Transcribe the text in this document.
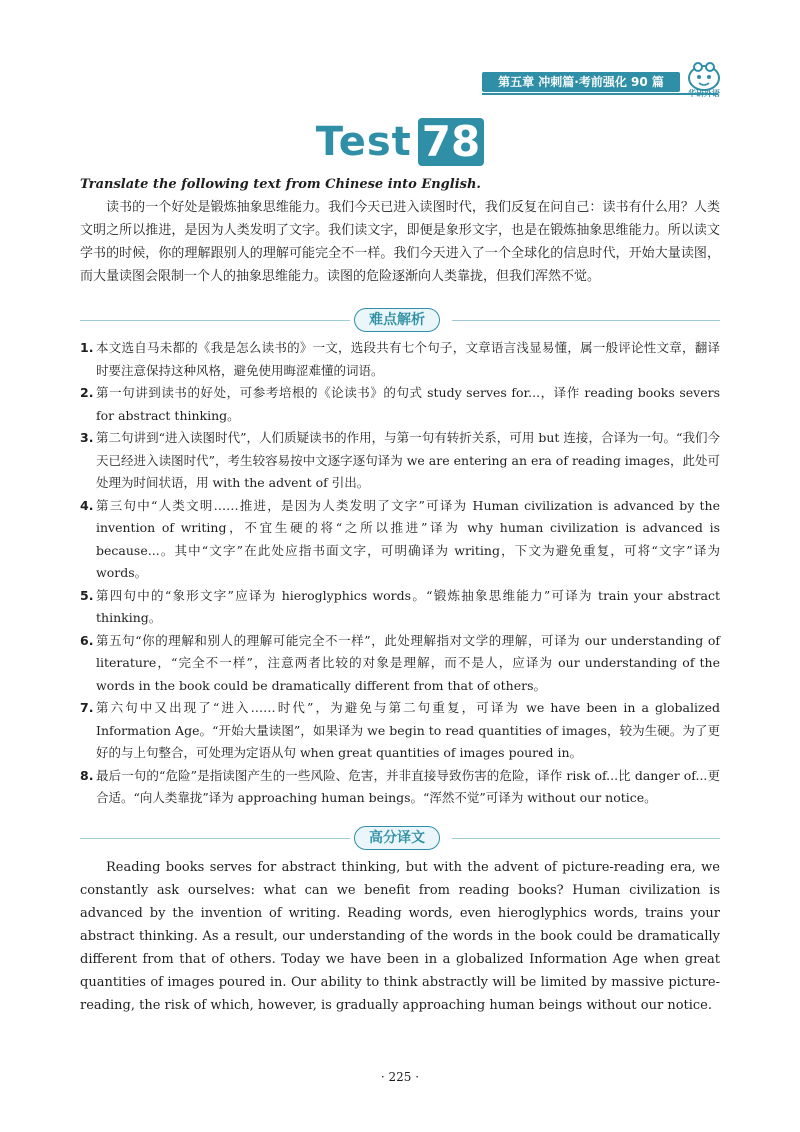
第五章 冲刺篇·考前强化 90 篇
华研外语
Test 78
Translate the following text from Chinese into English.

读书的一个好处是锻炼抽象思维能力。我们今天已进入读图时代，我们反复在问自己：读书有什么用？人类文明之所以推进，是因为人类发明了文字。我们读文字，即便是象形文字，也是在锻炼抽象思维能力。所以读文学书的时候，你的理解跟别人的理解可能完全不一样。我们今天进入了一个全球化的信息时代，开始大量读图，而大量读图会限制一个人的抽象思维能力。读图的危险逐渐向人类靠拢，但我们浑然不觉。

难点解析
1. 本文选自马未都的《我是怎么读书的》一文，选段共有七个句子，文章语言浅显易懂，属一般评论性文章，翻译时要注意保持这种风格，避免使用晦涩难懂的词语。
2. 第一句讲到读书的好处，可参考培根的《论读书》的句式 study serves for...，译作 reading books severs for abstract thinking。
3. 第二句讲到“进入读图时代”，人们质疑读书的作用，与第一句有转折关系，可用 but 连接，合译为一句。“我们今天已经进入读图时代”，考生较容易按中文逐字逐句译为 we are entering an era of reading images，此处可处理为时间状语，用 with the advent of 引出。
4. 第三句中“人类文明……推进，是因为人类发明了文字”可译为 Human civilization is advanced by the invention of writing，不宜生硬的将“之所以推进”译为 why human civilization is advanced is because...。其中“文字”在此处应指书面文字，可明确译为 writing，下文为避免重复，可将“文字”译为 words。
5. 第四句中的“象形文字”应译为 hieroglyphics words。“锻炼抽象思维能力”可译为 train your abstract thinking。
6. 第五句“你的理解和别人的理解可能完全不一样”，此处理解指对文学的理解，可译为 our understanding of literature，“完全不一样”，注意两者比较的对象是理解，而不是人，应译为 our understanding of the words in the book could be dramatically different from that of others。
7. 第六句中又出现了“进入……时代”，为避免与第二句重复，可译为 we have been in a globalized Information Age。“开始大量读图”，如果译为 we begin to read quantities of images，较为生硬。为了更好的与上句整合，可处理为定语从句 when great quantities of images poured in。
8. 最后一句的“危险”是指读图产生的一些风险、危害，并非直接导致伤害的危险，译作 risk of...比 danger of...更合适。“向人类靠拢”译为 approaching human beings。“浑然不觉”可译为 without our notice。
高分译文

Reading books serves for abstract thinking, but with the advent of picture-reading era, we constantly ask ourselves: what can we benefit from reading books? Human civilization is advanced by the invention of writing. Reading words, even hieroglyphics words, trains your abstract thinking. As a result, our understanding of the words in the book could be dramatically different from that of others. Today we have been in a globalized Information Age when great quantities of images poured in. Our ability to think abstractly will be limited by massive picture-reading, the risk of which, however, is gradually approaching human beings without our notice.

· 225 ·
